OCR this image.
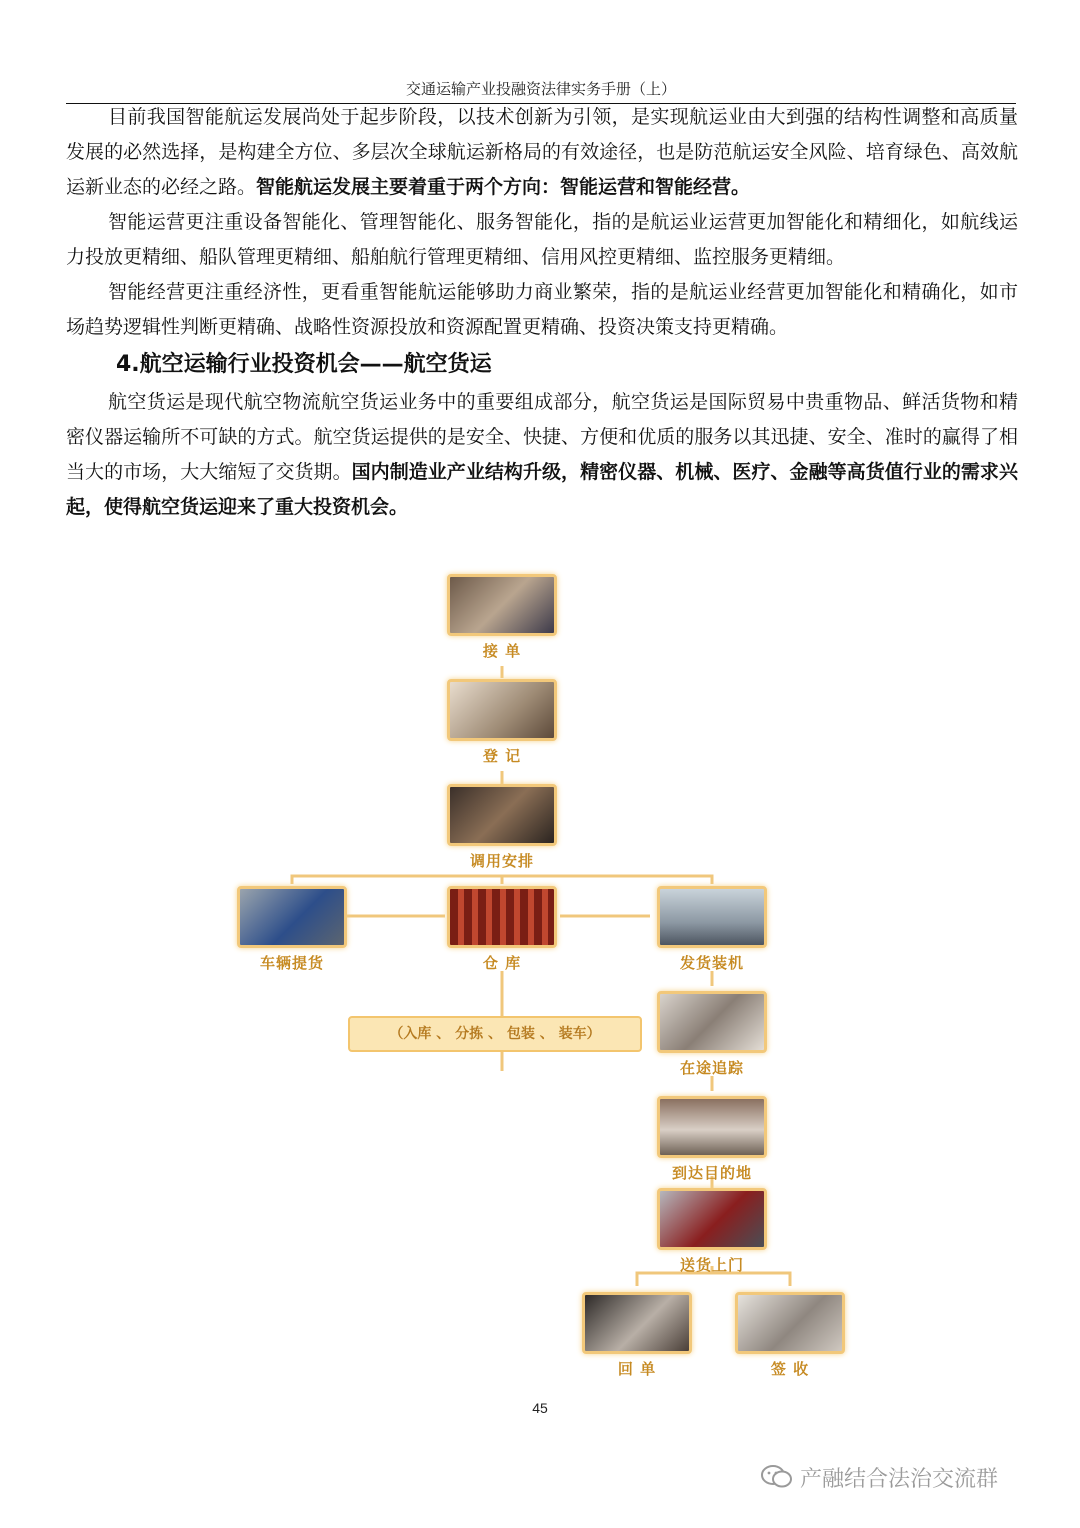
交通运输产业投融资法律实务手册（上）

目前我国智能航运发展尚处于起步阶段，以技术创新为引领，是实现航运业由大到强的结构性调整和高质量发展的必然选择，是构建全方位、多层次全球航运新格局的有效途径，也是防范航运安全风险、培育绿色、高效航运新业态的必经之路。智能航运发展主要着重于两个方向：智能运营和智能经营。

智能运营更注重设备智能化、管理智能化、服务智能化，指的是航运业运营更加智能化和精细化，如航线运力投放更精细、船队管理更精细、船舶航行管理更精细、信用风控更精细、监控服务更精细。

智能经营更注重经济性，更看重智能航运能够助力商业繁荣，指的是航运业经营更加智能化和精确化，如市场趋势逻辑性判断更精确、战略性资源投放和资源配置更精确、投资决策支持更精确。

4.航空运输行业投资机会——航空货运

航空货运是现代航空物流航空货运业务中的重要组成部分，航空货运是国际贸易中贵重物品、鲜活货物和精密仪器运输所不可缺的方式。航空货运提供的是安全、快捷、方便和优质的服务以其迅捷、安全、准时的赢得了相当大的市场，大大缩短了交货期。国内制造业产业结构升级，精密仪器、机械、医疗、金融等高货值行业的需求兴起，使得航空货运迎来了重大投资机会。

接 单
登 记
调用安排
车辆提货	仓 库	发货装机
（入库 、 分拣 、 包装 、 装车）
在途追踪
到达目的地
送货上门
回 单	签 收
45
产融结合法治交流群
